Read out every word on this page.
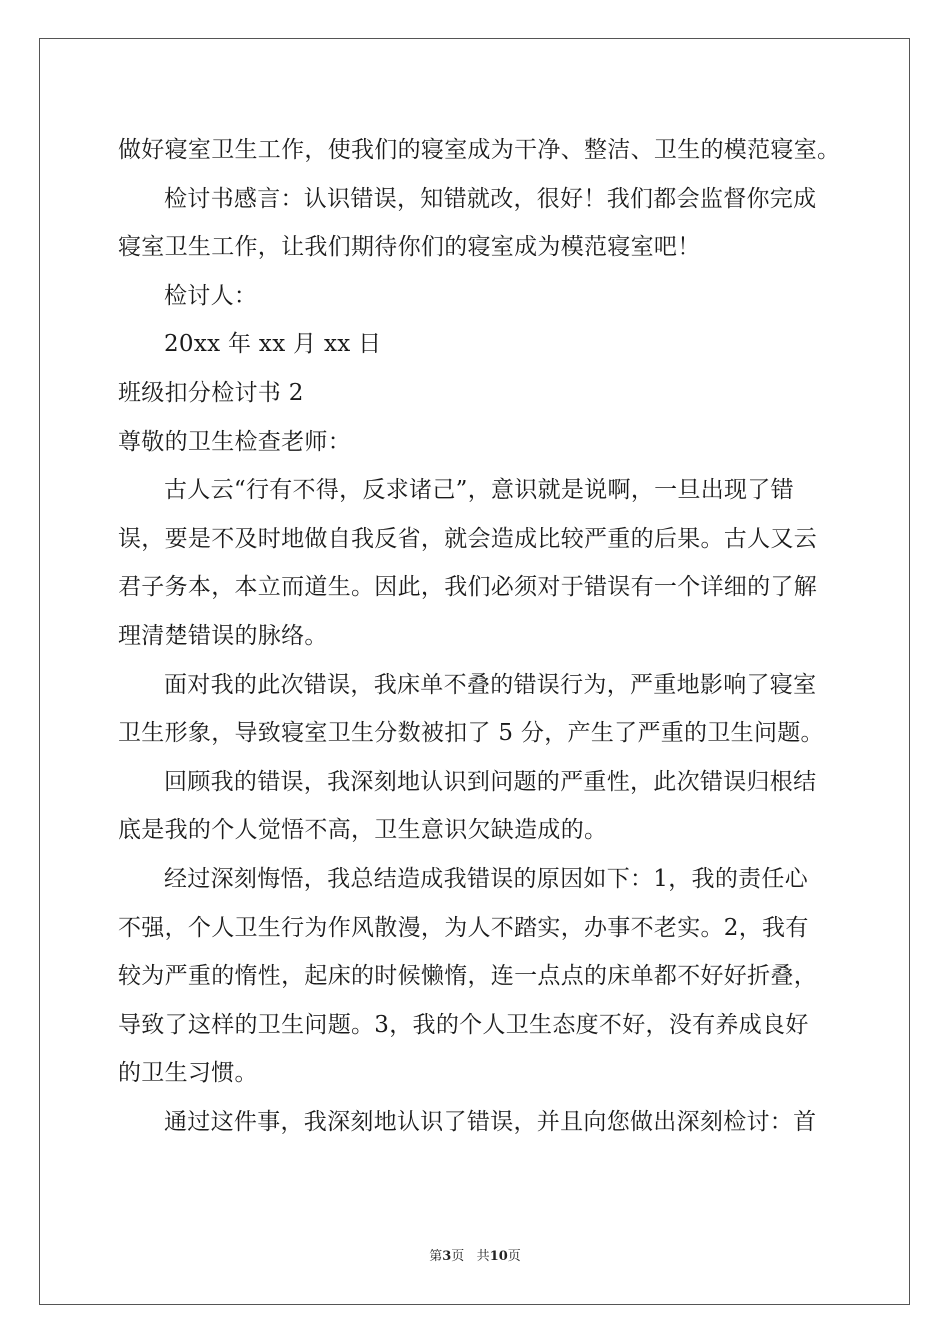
做好寝室卫生工作，使我们的寝室成为干净、整洁、卫生的模范寝室。
检讨书感言：认识错误，知错就改，很好！我们都会监督你完成
寝室卫生工作，让我们期待你们的寝室成为模范寝室吧！
检讨人：
20xx 年 xx 月 xx 日
班级扣分检讨书 2
尊敬的卫生检查老师：
古人云“行有不得，反求诸己”，意识就是说啊，一旦出现了错
误，要是不及时地做自我反省，就会造成比较严重的后果。古人又云
君子务本，本立而道生。因此，我们必须对于错误有一个详细的了解
理清楚错误的脉络。
面对我的此次错误，我床单不叠的错误行为，严重地影响了寝室
卫生形象，导致寝室卫生分数被扣了 5 分，产生了严重的卫生问题。
回顾我的错误，我深刻地认识到问题的严重性，此次错误归根结
底是我的个人觉悟不高，卫生意识欠缺造成的。
经过深刻悔悟，我总结造成我错误的原因如下：1，我的责任心
不强，个人卫生行为作风散漫，为人不踏实，办事不老实。2，我有
较为严重的惰性，起床的时候懒惰，连一点点的床单都不好好折叠，
导致了这样的卫生问题。3，我的个人卫生态度不好，没有养成良好
的卫生习惯。
通过这件事，我深刻地认识了错误，并且向您做出深刻检讨：首
第3页 共10页
